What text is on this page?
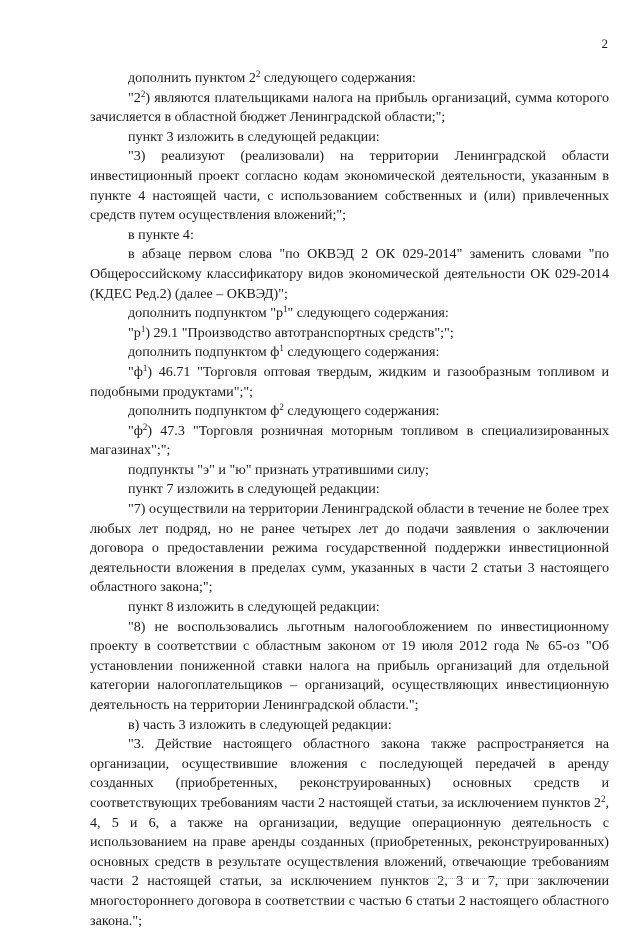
2

дополнить пунктом $2^2$ следующего содержания:

"$2^2$) являются плательщиками налога на прибыль организаций, сумма которого зачисляется в областной бюджет Ленинградской области;";

пункт 3 изложить в следующей редакции:

"3) реализуют (реализовали) на территории Ленинградской области инвестиционный проект согласно кодам экономической деятельности, указанным в пункте 4 настоящей части, с использованием собственных и (или) привлеченных средств путем осуществления вложений;";

в пункте 4:

в абзаце первом слова "по ОКВЭД 2 ОК 029-2014" заменить словами "по Общероссийскому классификатору видов экономической деятельности ОК 029-2014 (КДЕС Ред.2) (далее – ОКВЭД)";

дополнить подпунктом "$р^1$" следующего содержания:

"$р^1$) 29.1 "Производство автотранспортных средств";";

дополнить подпунктом $ф^1$ следующего содержания:

"$ф^1$) 46.71 "Торговля оптовая твердым, жидким и газообразным топливом и подобными продуктами";";

дополнить подпунктом $ф^2$ следующего содержания:

"$ф^2$) 47.3 "Торговля розничная моторным топливом в специализированных магазинах";";

подпункты "э" и "ю" признать утратившими силу;

пункт 7 изложить в следующей редакции:

"7) осуществили на территории Ленинградской области в течение не более трех любых лет подряд, но не ранее четырех лет до подачи заявления о заключении договора о предоставлении режима государственной поддержки инвестиционной деятельности вложения в пределах сумм, указанных в части 2 статьи 3 настоящего областного закона;";

пункт 8 изложить в следующей редакции:

"8) не воспользовались льготным налогообложением по инвестиционному проекту в соответствии с областным законом от 19 июля 2012 года № 65-оз "Об установлении пониженной ставки налога на прибыль организаций для отдельной категории налогоплательщиков – организаций, осуществляющих инвестиционную деятельность на территории Ленинградской области.";

в) часть 3 изложить в следующей редакции:

"3. Действие настоящего областного закона также распространяется на организации, осуществившие вложения с последующей передачей в аренду созданных (приобретенных, реконструированных) основных средств и соответствующих требованиям части 2 настоящей статьи, за исключением пунктов $2^2$, 4, 5 и 6, а также на организации, ведущие операционную деятельность с использованием на праве аренды созданных (приобретенных, реконструированных) основных средств в результате осуществления вложений, отвечающие требованиям части 2 настоящей статьи, за исключением пунктов 2, 3 и 7, при заключении многостороннего договора в соответствии с частью 6 статьи 2 настоящего областного закона.";
